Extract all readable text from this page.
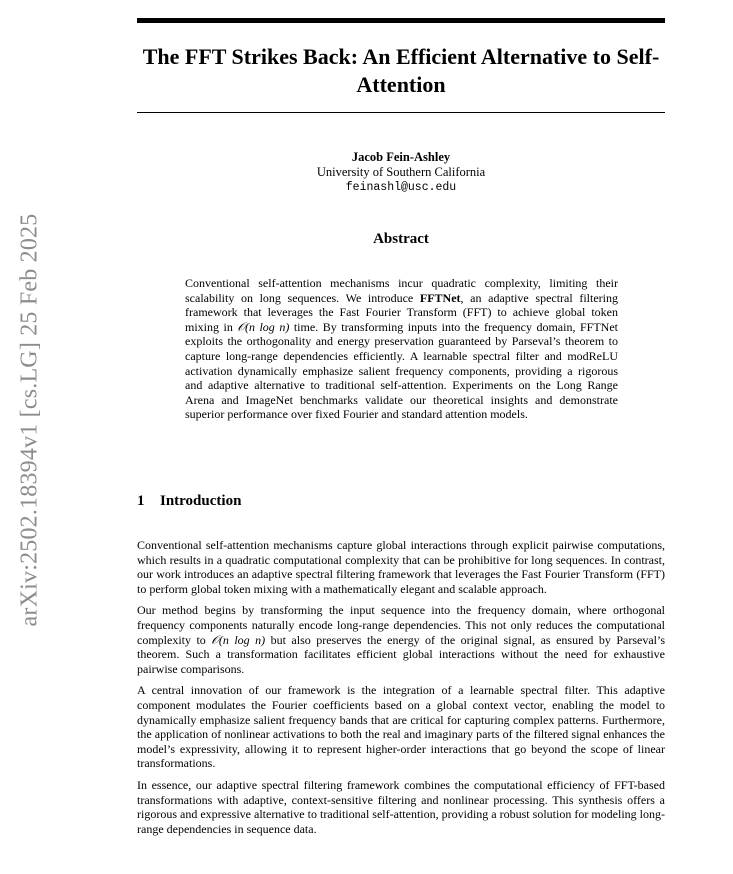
arXiv:2502.18394v1 [cs.LG] 25 Feb 2025
The FFT Strikes Back: An Efficient Alternative to Self-Attention
Jacob Fein-Ashley
University of Southern California
feinashl@usc.edu
Abstract
Conventional self-attention mechanisms incur quadratic complexity, limiting their scalability on long sequences. We introduce FFTNet, an adaptive spectral filtering framework that leverages the Fast Fourier Transform (FFT) to achieve global token mixing in 𝒪(n log n) time. By transforming inputs into the frequency domain, FFTNet exploits the orthogonality and energy preservation guaranteed by Parseval’s theorem to capture long-range dependencies efficiently. A learnable spectral filter and modReLU activation dynamically emphasize salient frequency components, providing a rigorous and adaptive alternative to traditional self-attention. Experiments on the Long Range Arena and ImageNet benchmarks validate our theoretical insights and demonstrate superior performance over fixed Fourier and standard attention models.
1 Introduction

Conventional self-attention mechanisms capture global interactions through explicit pairwise computations, which results in a quadratic computational complexity that can be prohibitive for long sequences. In contrast, our work introduces an adaptive spectral filtering framework that leverages the Fast Fourier Transform (FFT) to perform global token mixing with a mathematically elegant and scalable approach.

Our method begins by transforming the input sequence into the frequency domain, where orthogonal frequency components naturally encode long-range dependencies. This not only reduces the computational complexity to 𝒪(n log n) but also preserves the energy of the original signal, as ensured by Parseval’s theorem. Such a transformation facilitates efficient global interactions without the need for exhaustive pairwise comparisons.

A central innovation of our framework is the integration of a learnable spectral filter. This adaptive component modulates the Fourier coefficients based on a global context vector, enabling the model to dynamically emphasize salient frequency bands that are critical for capturing complex patterns. Furthermore, the application of nonlinear activations to both the real and imaginary parts of the filtered signal enhances the model’s expressivity, allowing it to represent higher-order interactions that go beyond the scope of linear transformations.

In essence, our adaptive spectral filtering framework combines the computational efficiency of FFT-based transformations with adaptive, context-sensitive filtering and nonlinear processing. This synthesis offers a rigorous and expressive alternative to traditional self-attention, providing a robust solution for modeling long-range dependencies in sequence data.
